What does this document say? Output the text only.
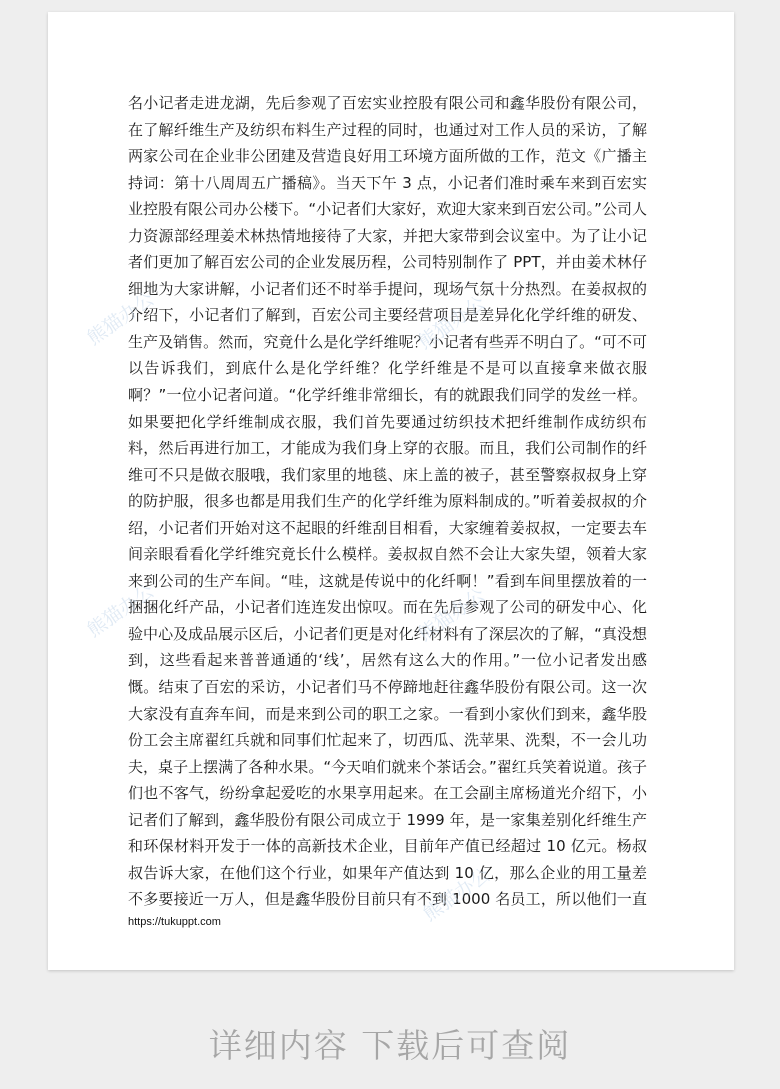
名小记者走进龙湖，先后参观了百宏实业控股有限公司和鑫华股份有限公司，在了解纤维生产及纺织布料生产过程的同时，也通过对工作人员的采访，了解两家公司在企业非公团建及营造良好用工环境方面所做的工作，范文《广播主持词：第十八周周五广播稿》。当天下午 3 点，小记者们准时乘车来到百宏实业控股有限公司办公楼下。“小记者们大家好，欢迎大家来到百宏公司。”公司人力资源部经理姜术林热情地接待了大家，并把大家带到会议室中。为了让小记者们更加了解百宏公司的企业发展历程，公司特别制作了 PPT，并由姜术林仔细地为大家讲解，小记者们还不时举手提问，现场气氛十分热烈。在姜叔叔的介绍下，小记者们了解到，百宏公司主要经营项目是差异化化学纤维的研发、生产及销售。然而，究竟什么是化学纤维呢？小记者有些弄不明白了。“可不可以告诉我们，到底什么是化学纤维？化学纤维是不是可以直接拿来做衣服啊？”一位小记者问道。“化学纤维非常细长，有的就跟我们同学的发丝一样。如果要把化学纤维制成衣服，我们首先要通过纺织技术把纤维制作成纺织布料，然后再进行加工，才能成为我们身上穿的衣服。而且，我们公司制作的纤维可不只是做衣服哦，我们家里的地毯、床上盖的被子，甚至警察叔叔身上穿的防护服，很多也都是用我们生产的化学纤维为原料制成的。”听着姜叔叔的介绍，小记者们开始对这不起眼的纤维刮目相看，大家缠着姜叔叔，一定要去车间亲眼看看化学纤维究竟长什么模样。姜叔叔自然不会让大家失望，领着大家来到公司的生产车间。“哇，这就是传说中的化纤啊！”看到车间里摆放着的一捆捆化纤产品，小记者们连连发出惊叹。而在先后参观了公司的研发中心、化验中心及成品展示区后，小记者们更是对化纤材料有了深层次的了解，“真没想到，这些看起来普普通通的‘线’，居然有这么大的作用。”一位小记者发出感慨。结束了百宏的采访，小记者们马不停蹄地赶往鑫华股份有限公司。这一次大家没有直奔车间，而是来到公司的职工之家。一看到小家伙们到来，鑫华股份工会主席翟红兵就和同事们忙起来了，切西瓜、洗苹果、洗梨，不一会儿功夫，桌子上摆满了各种水果。“今天咱们就来个茶话会。”翟红兵笑着说道。孩子们也不客气，纷纷拿起爱吃的水果享用起来。在工会副主席杨道光介绍下，小记者们了解到，鑫华股份有限公司成立于 1999 年，是一家集差别化纤维生产和环保材料开发于一体的高新技术企业，目前年产值已经超过 10 亿元。杨叔叔告诉大家，在他们这个行业，如果年产值达到 10 亿，那么企业的用工量差不多要接近一万人，但是鑫华股份目前只有不到 1000 名员工，所以他们一直

熊猫办公
熊猫办公
熊猫办公
熊猫办公
熊猫办公
https://tukuppt.com
详细内容 下载后可查阅
